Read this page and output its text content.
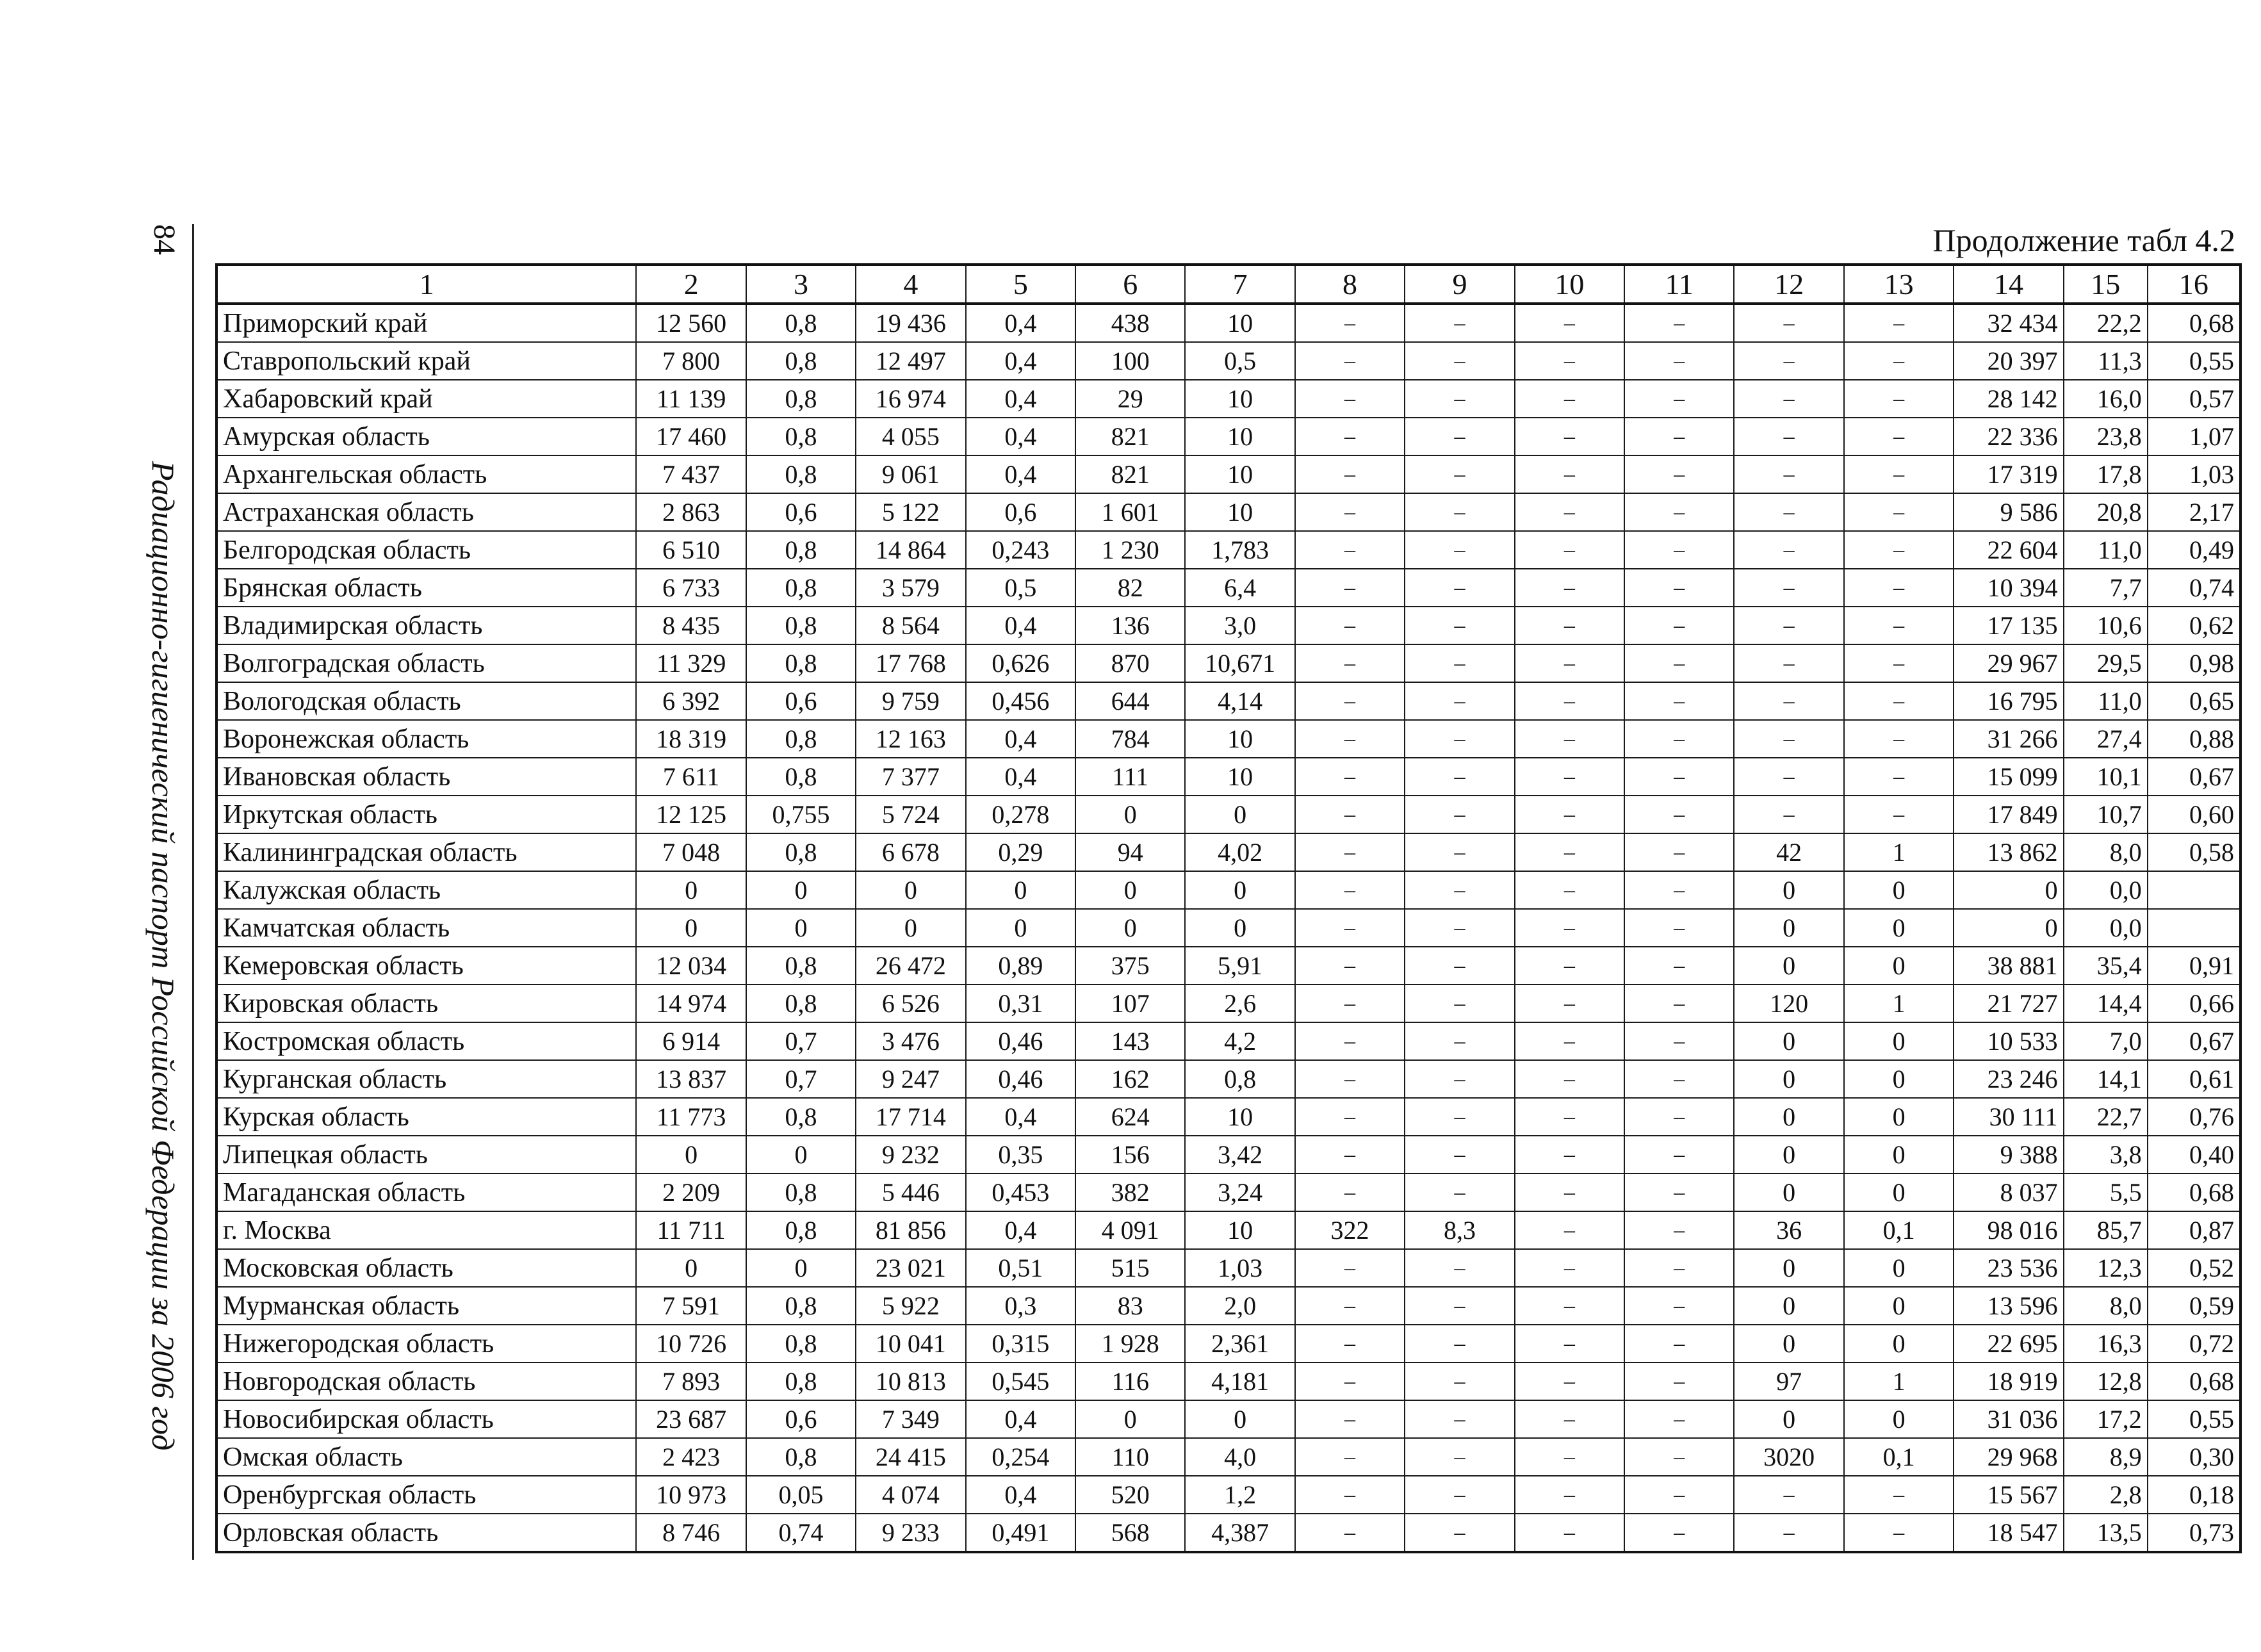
84
Радиационно-гигиенический паспорт Российской Федерации за 2006 год
Продолжение табл 4.2
1	2	3	4	5	6	7	8	9	10	11	12	13	14	15	16
Приморский край	12 560	0,8	19 436	0,4	438	10	–	–	–	–	–	–	32 434	22,2	0,68
Ставропольский край	7 800	0,8	12 497	0,4	100	0,5	–	–	–	–	–	–	20 397	11,3	0,55
Хабаровский край	11 139	0,8	16 974	0,4	29	10	–	–	–	–	–	–	28 142	16,0	0,57
Амурская область	17 460	0,8	4 055	0,4	821	10	–	–	–	–	–	–	22 336	23,8	1,07
Архангельская область	7 437	0,8	9 061	0,4	821	10	–	–	–	–	–	–	17 319	17,8	1,03
Астраханская область	2 863	0,6	5 122	0,6	1 601	10	–	–	–	–	–	–	9 586	20,8	2,17
Белгородская область	6 510	0,8	14 864	0,243	1 230	1,783	–	–	–	–	–	–	22 604	11,0	0,49
Брянская область	6 733	0,8	3 579	0,5	82	6,4	–	–	–	–	–	–	10 394	7,7	0,74
Владимирская область	8 435	0,8	8 564	0,4	136	3,0	–	–	–	–	–	–	17 135	10,6	0,62
Волгоградская область	11 329	0,8	17 768	0,626	870	10,671	–	–	–	–	–	–	29 967	29,5	0,98
Вологодская область	6 392	0,6	9 759	0,456	644	4,14	–	–	–	–	–	–	16 795	11,0	0,65
Воронежская область	18 319	0,8	12 163	0,4	784	10	–	–	–	–	–	–	31 266	27,4	0,88
Ивановская область	7 611	0,8	7 377	0,4	111	10	–	–	–	–	–	–	15 099	10,1	0,67
Иркутская область	12 125	0,755	5 724	0,278	0	0	–	–	–	–	–	–	17 849	10,7	0,60
Калининградская область	7 048	0,8	6 678	0,29	94	4,02	–	–	–	–	42	1	13 862	8,0	0,58
Калужская область	0	0	0	0	0	0	–	–	–	–	0	0	0	0,0	
Камчатская область	0	0	0	0	0	0	–	–	–	–	0	0	0	0,0	
Кемеровская область	12 034	0,8	26 472	0,89	375	5,91	–	–	–	–	0	0	38 881	35,4	0,91
Кировская область	14 974	0,8	6 526	0,31	107	2,6	–	–	–	–	120	1	21 727	14,4	0,66
Костромская область	6 914	0,7	3 476	0,46	143	4,2	–	–	–	–	0	0	10 533	7,0	0,67
Курганская область	13 837	0,7	9 247	0,46	162	0,8	–	–	–	–	0	0	23 246	14,1	0,61
Курская область	11 773	0,8	17 714	0,4	624	10	–	–	–	–	0	0	30 111	22,7	0,76
Липецкая область	0	0	9 232	0,35	156	3,42	–	–	–	–	0	0	9 388	3,8	0,40
Магаданская область	2 209	0,8	5 446	0,453	382	3,24	–	–	–	–	0	0	8 037	5,5	0,68
г. Москва	11 711	0,8	81 856	0,4	4 091	10	322	8,3	–	–	36	0,1	98 016	85,7	0,87
Московская область	0	0	23 021	0,51	515	1,03	–	–	–	–	0	0	23 536	12,3	0,52
Мурманская область	7 591	0,8	5 922	0,3	83	2,0	–	–	–	–	0	0	13 596	8,0	0,59
Нижегородская область	10 726	0,8	10 041	0,315	1 928	2,361	–	–	–	–	0	0	22 695	16,3	0,72
Новгородская область	7 893	0,8	10 813	0,545	116	4,181	–	–	–	–	97	1	18 919	12,8	0,68
Новосибирская область	23 687	0,6	7 349	0,4	0	0	–	–	–	–	0	0	31 036	17,2	0,55
Омская область	2 423	0,8	24 415	0,254	110	4,0	–	–	–	–	3020	0,1	29 968	8,9	0,30
Оренбургская область	10 973	0,05	4 074	0,4	520	1,2	–	–	–	–	–	–	15 567	2,8	0,18
Орловская область	8 746	0,74	9 233	0,491	568	4,387	–	–	–	–	–	–	18 547	13,5	0,73
